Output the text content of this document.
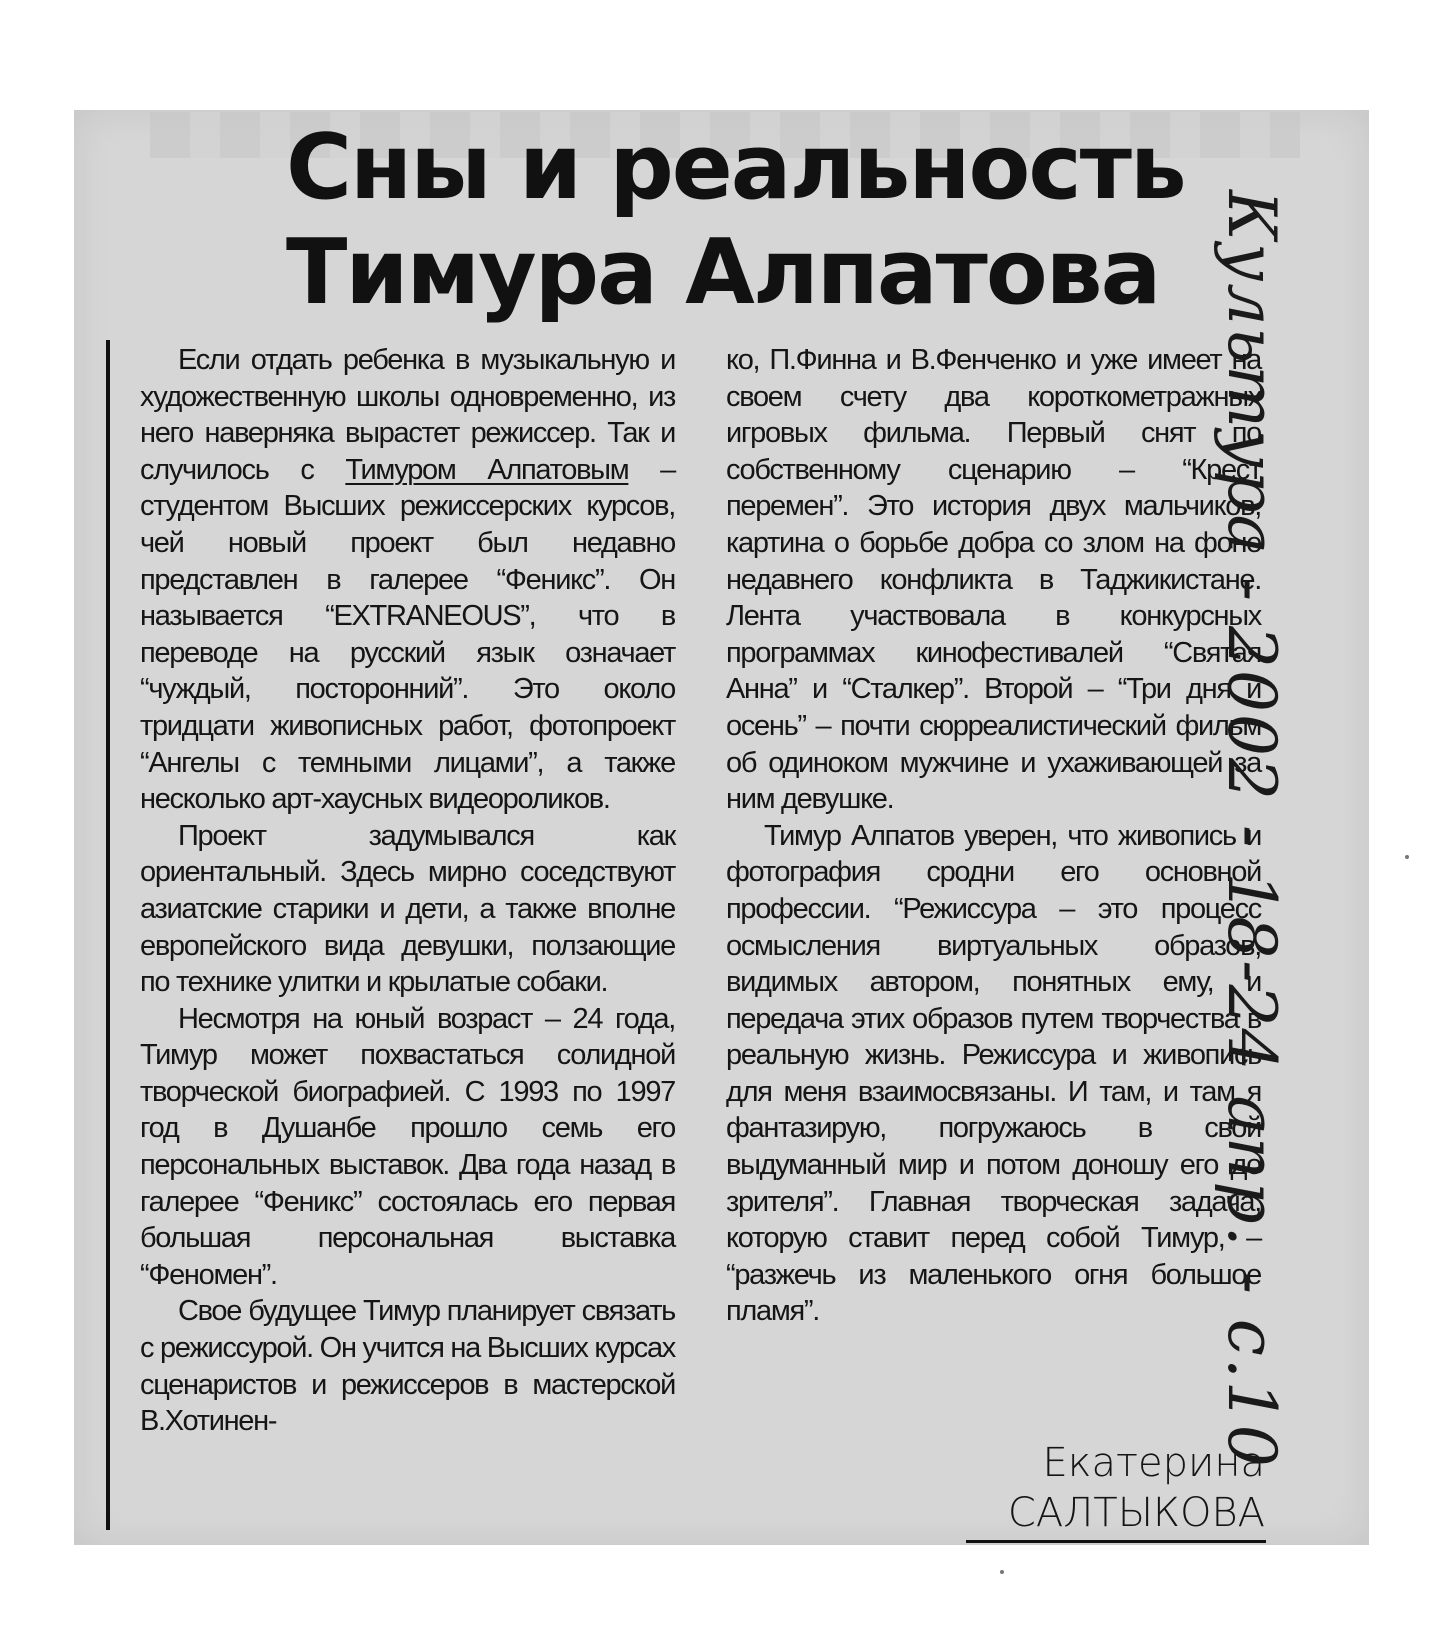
Сны и реальность
Тимура Алпатова

Если отдать ребенка в музыкальную и художественную школы одновременно, из него наверняка вырастет режиссер. Так и случилось с Тимуром Алпатовым – студентом Высших режиссерских курсов, чей новый проект был недавно представлен в галерее “Феникс”. Он называется “EXTRANEOUS”, что в переводе на русский язык означает “чуждый, посторонний”. Это около тридцати живописных работ, фотопроект “Ангелы с темными лицами”, а также несколько арт-хаусных видеороликов.

Проект задумывался как ориентальный. Здесь мирно соседствуют азиатские старики и дети, а также вполне европейского вида девушки, ползающие по технике улитки и крылатые собаки.

Несмотря на юный возраст – 24 года, Тимур может похвастаться солидной творческой биографией. С 1993 по 1997 год в Душанбе прошло семь его персональных выставок. Два года назад в галерее “Феникс” состоялась его первая большая персональная выставка “Феномен”.

Свое будущее Тимур планирует связать с режиссурой. Он учится на Высших курсах сценаристов и режиссеров в мастерской В.Хотинен-

ко, П.Финна и В.Фенченко и уже имеет на своем счету два короткометражных игровых фильма. Первый снят по собственному сценарию – “Крест перемен”. Это история двух мальчиков, картина о борьбе добра со злом на фоне недавнего конфликта в Таджикистане. Лента участвовала в конкурсных программах кинофестивалей “Святая Анна” и “Сталкер”. Второй – “Три дня и осень” – почти сюрреалистический фильм об одиноком мужчине и ухаживающей за ним девушке.

Тимур Алпатов уверен, что живопись и фотография сродни его основной профессии. “Режиссура – это процесс осмысления виртуальных образов, видимых автором, понятных ему, и передача этих образов путем творчества в реальную жизнь. Режиссура и живопись для меня взаимосвязаны. И там, и там я фантазирую, погружаюсь в свой выдуманный мир и потом доношу его до зрителя”. Главная творческая задача, которую ставит перед собой Тимур, – “разжечь из маленького огня большое пламя”.

Екатерина
САЛТЫКОВА
Культура - 2002 - 18-24 апр. - с.10
